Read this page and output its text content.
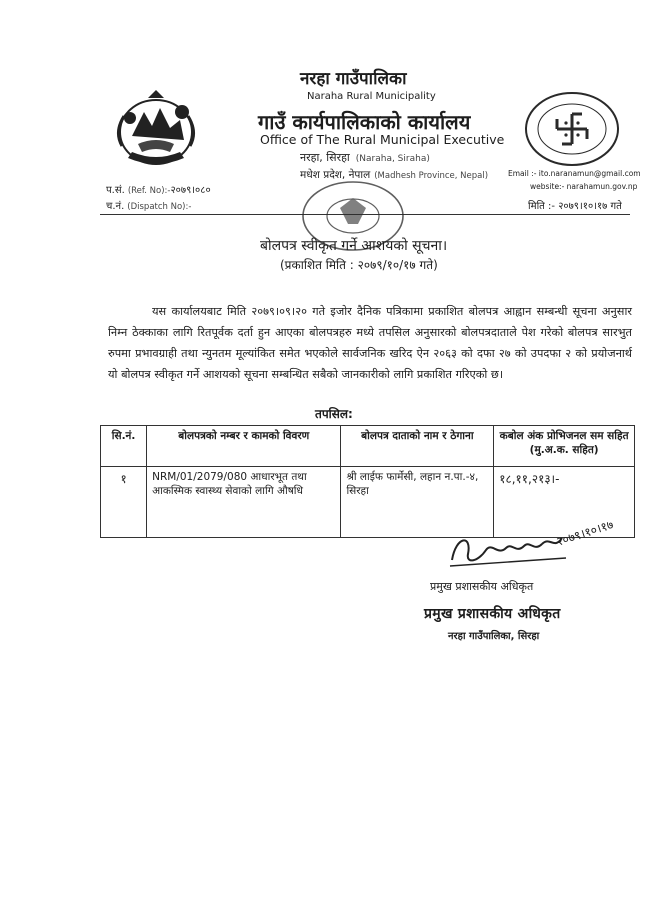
नरहा गाउँपालिका
Naraha Rural Municipality
गाउँ कार्यपालिकाको कार्यालय
Office of The Rural Municipal Executive
नरहा, सिरहा (Naraha, Siraha)
मधेश प्रदेश, नेपाल (Madhesh Province, Nepal)	Email :- ito.naranamun@gmail.com
website:- narahamun.gov.np
प.सं. (Ref. No):-२०७९।०८०
च.नं. (Dispatch No):-	मिति :- २०७९।१०।१७ गते
बोलपत्र स्वीकृत गर्ने आशयको सूचना।
(प्रकाशित मिति : २०७९/१०/१७ गते)
यस कार्यालयबाट मिति २०७९।०९।२० गते इजोर दैनिक पत्रिकामा प्रकाशित बोलपत्र आह्वान सम्बन्धी सूचना अनुसार निम्न ठेक्काका लागि रितपूर्वक दर्ता हुन आएका बोलपत्रहरु मध्ये तपसिल अनुसारको बोलपत्रदाताले पेश गरेको बोलपत्र सारभुत रुपमा प्रभावग्राही तथा न्युनतम मूल्यांकित समेत भएकोले सार्वजनिक खरिद ऐन २०६३ को दफा २७ को उपदफा २ को प्रयोजनार्थ यो बोलपत्र स्वीकृत गर्ने आशयको सूचना सम्बन्धित सबैको जानकारीको लागि प्रकाशित गरिएको छ।
तपसिल:
सि.नं.	बोलपत्रको नम्बर र कामको विवरण	बोलपत्र दाताको नाम र ठेगाना	कबोल अंक प्रोभिजनल सम सहित (मु.अ.क. सहित)
१	NRM/01/2079/080 आधारभूत तथा आकस्मिक स्वास्थ्य सेवाको लागि औषधि	श्री लाईफ फार्मेसी, लहान न.पा.-४, सिरहा	१८,११,२१३।-
२०७९।१०।१७
प्रमुख प्रशासकीय अधिकृत
प्रमुख प्रशासकीय अधिकृत
नरहा गाउँपालिका, सिरहा
